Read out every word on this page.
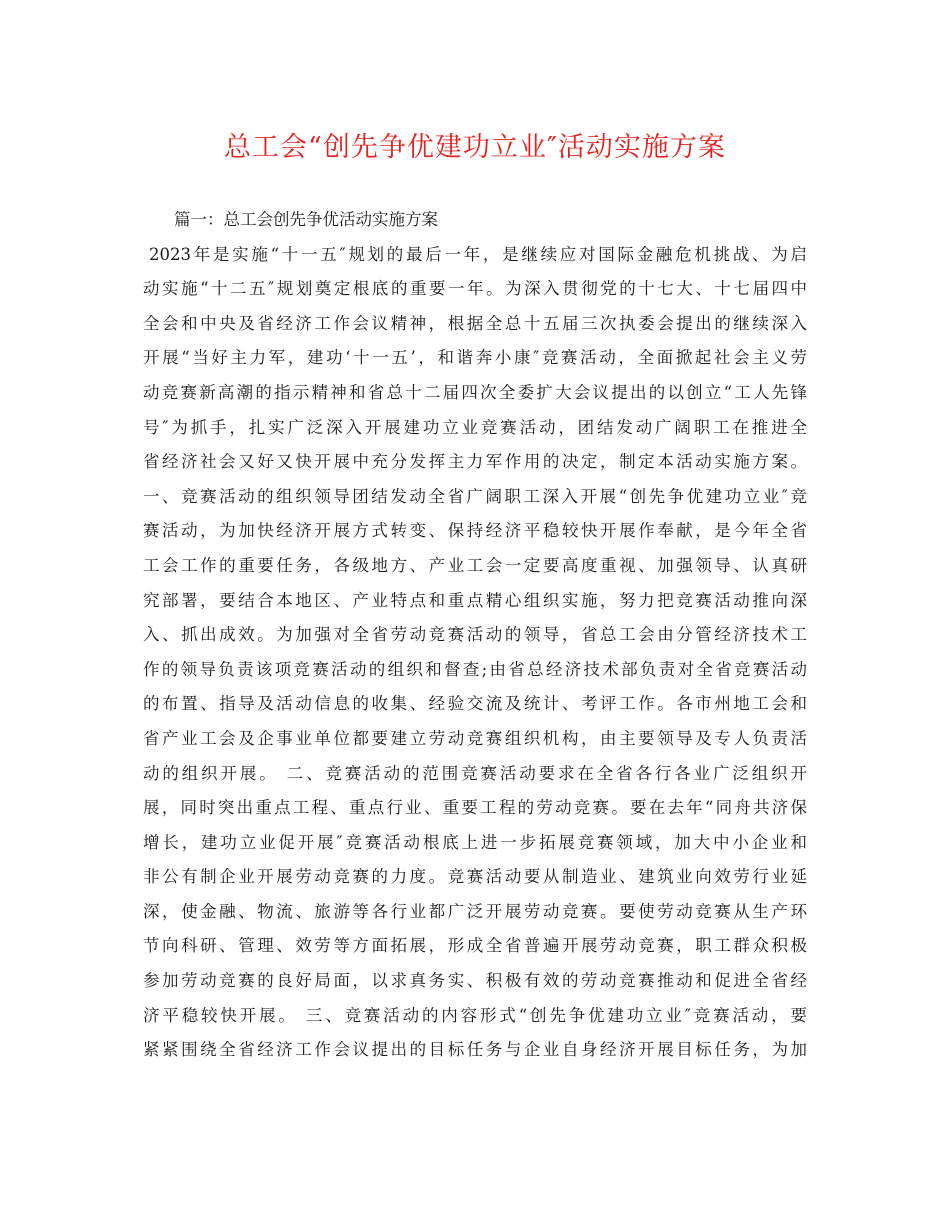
总工会“创先争优建功立业″活动实施方案
篇一：总工会创先争优活动实施方案
2023年是实施“十一五″规划的最后一年，是继续应对国际金融危机挑战、为启
动实施“十二五″规划奠定根底的重要一年。为深入贯彻党的十七大、十七届四中
全会和中央及省经济工作会议精神，根据全总十五届三次执委会提出的继续深入
开展“当好主力军，建功‘十一五’，和谐奔小康″竞赛活动，全面掀起社会主义劳
动竞赛新高潮的指示精神和省总十二届四次全委扩大会议提出的以创立“工人先锋
号″为抓手，扎实广泛深入开展建功立业竞赛活动，团结发动广阔职工在推进全
省经济社会又好又快开展中充分发挥主力军作用的决定，制定本活动实施方案。
一、竞赛活动的组织领导团结发动全省广阔职工深入开展“创先争优建功立业″竞
赛活动，为加快经济开展方式转变、保持经济平稳较快开展作奉献，是今年全省
工会工作的重要任务，各级地方、产业工会一定要高度重视、加强领导、认真研
究部署，要结合本地区、产业特点和重点精心组织实施，努力把竞赛活动推向深
入、抓出成效。为加强对全省劳动竞赛活动的领导，省总工会由分管经济技术工
作的领导负责该项竞赛活动的组织和督查;由省总经济技术部负责对全省竞赛活动
的布置、指导及活动信息的收集、经验交流及统计、考评工作。各市州地工会和
省产业工会及企事业单位都要建立劳动竞赛组织机构，由主要领导及专人负责活
动的组织开展。 二、竞赛活动的范围竞赛活动要求在全省各行各业广泛组织开
展，同时突出重点工程、重点行业、重要工程的劳动竞赛。要在去年“同舟共济保
增长，建功立业促开展″竞赛活动根底上进一步拓展竞赛领域，加大中小企业和
非公有制企业开展劳动竞赛的力度。竞赛活动要从制造业、建筑业向效劳行业延
深，使金融、物流、旅游等各行业都广泛开展劳动竞赛。要使劳动竞赛从生产环
节向科研、管理、效劳等方面拓展，形成全省普遍开展劳动竞赛，职工群众积极
参加劳动竞赛的良好局面，以求真务实、积极有效的劳动竞赛推动和促进全省经
济平稳较快开展。 三、竞赛活动的内容形式“创先争优建功立业″竞赛活动，要
紧紧围绕全省经济工作会议提出的目标任务与企业自身经济开展目标任务，为加
